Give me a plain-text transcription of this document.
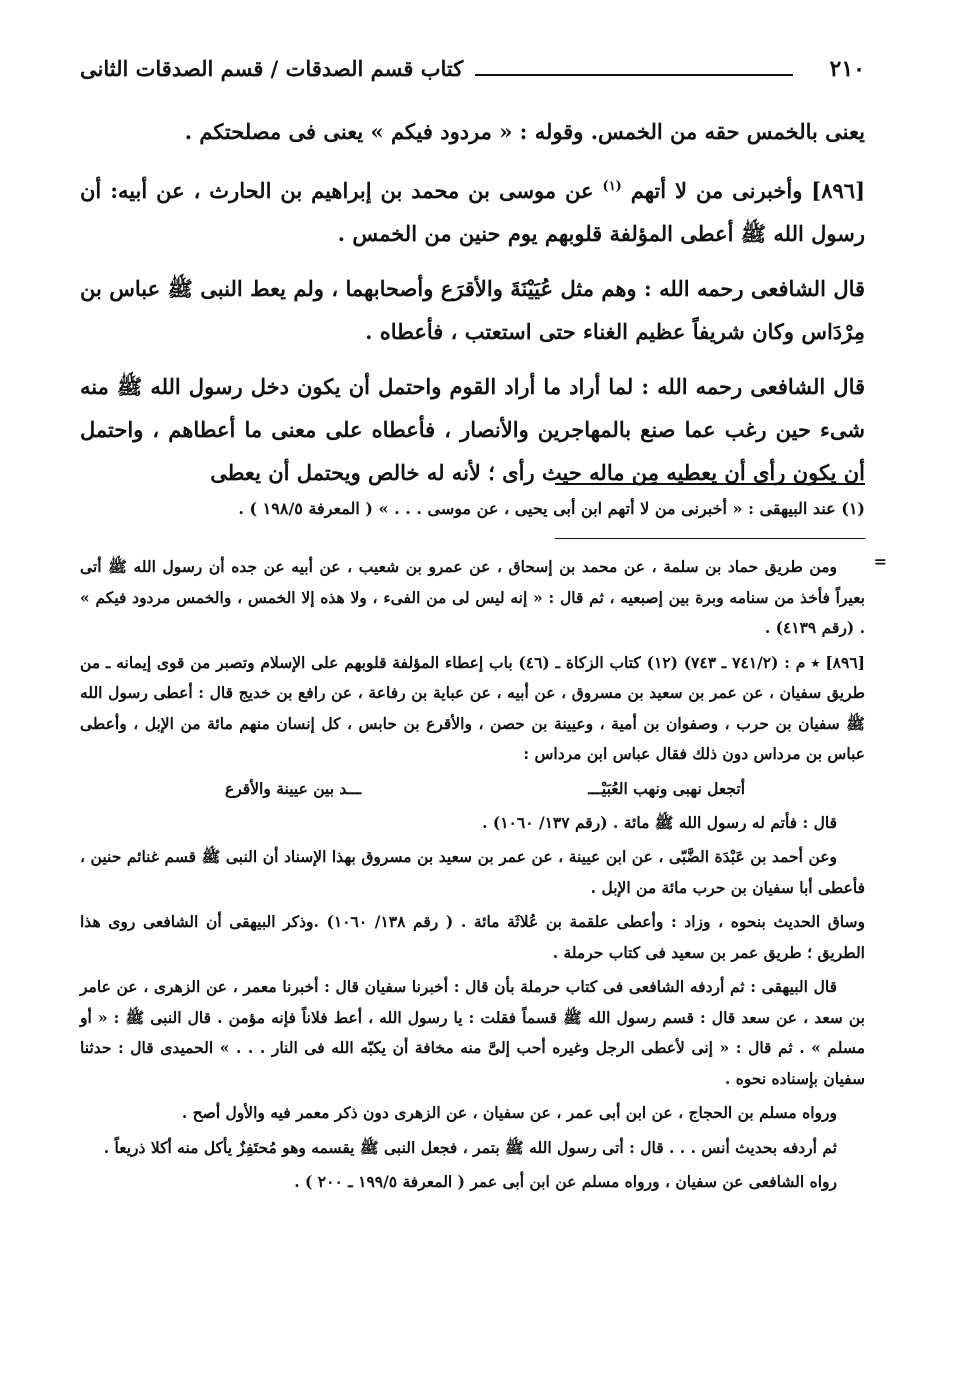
٢١٠
كتاب قسم الصدقات / قسم الصدقات الثانى

يعنى بالخمس حقه من الخمس. وقوله : « مردود فيكم » يعنى فى مصلحتكم .

[٨٩٦] وأخبرنى من لا أتهم $^{(١)}$ عن موسى بن محمد بن إبراهيم بن الحارث ، عن أبيه: أن رسول الله ﷺ أعطى المؤلفة قلوبهم يوم حنين من الخمس .

قال الشافعى رحمه الله : وهم مثل عُيَيْنَةَ والأقرَع وأصحابهما ، ولم يعط النبى ﷺ عباس بن مِرْدَاس وكان شريفاً عظيم الغناء حتى استعتب ، فأعطاه .

قال الشافعى رحمه الله : لما أراد ما أراد القوم واحتمل أن يكون دخل رسول الله ﷺ منه شىء حين رغب عما صنع بالمهاجرين والأنصار ، فأعطاه على معنى ما أعطاهم ، واحتمل أن يكون رأى أن يعطيه مِن ماله حيث رأى ؛ لأنه له خالص ويحتمل أن يعطى

(١) عند البيهقى : « أخبرنى من لا أتهم ابن أبى يحيى ، عن موسى . . . » ( المعرفة ١٩٨/٥ ) .
=

ومن طريق حماد بن سلمة ، عن محمد بن إسحاق ، عن عمرو بن شعيب ، عن أبيه عن جده أن رسول الله ﷺ أتى بعيراً فأخذ من سنامه وبرة بين إصبعيه ، ثم قال : « إنه ليس لى من الفىء ، ولا هذه إلا الخمس ، والخمس مردود فيكم » . (رقم ٤١٣٩) .

[٨٩٦] ٭ م : (٧٤١/٢ ـ ٧٤٣) (١٢) كتاب الزكاة ـ (٤٦) باب إعطاء المؤلفة قلوبهم على الإسلام وتصبر من قوى إيمانه ـ من طريق سفيان ، عن عمر بن سعيد بن مسروق ، عن أبيه ، عن عباية بن رفاعة ، عن رافع بن خديج قال : أعطى رسول الله ﷺ سفيان بن حرب ، وصفوان بن أمية ، وعيينة بن حصن ، والأقرع بن حابس ، كل إنسان منهم مائة من الإبل ، وأعطى عباس بن مرداس دون ذلك فقال عباس ابن مرداس :

أتجعل نهبى ونهب العُبَيْـــ
ـــد بين عيينة والأقرع

قال : فأتم له رسول الله ﷺ مائة . (رقم ١٣٧/ ١٠٦٠) .

وعن أحمد بن عَبْدَة الضَّبّى ، عن ابن عيينة ، عن عمر بن سعيد بن مسروق بهذا الإسناد أن النبى ﷺ قسم غنائم حنين ، فأعطى أبا سفيان بن حرب مائة من الإبل .

وساق الحديث بنحوه ، وزاد : وأعطى علقمة بن عُلاثَة مائة . ( رقم ١٣٨/ ١٠٦٠) .وذكر البيهقى أن الشافعى روى هذا الطريق ؛ طريق عمر بن سعيد فى كتاب حرملة .

قال البيهقى : ثم أردفه الشافعى فى كتاب حرملة بأن قال : أخبرنا سفيان قال : أخبرنا معمر ، عن الزهرى ، عن عامر بن سعد ، عن سعد قال : قسم رسول الله ﷺ قسماً فقلت : يا رسول الله ، أعط فلاناً فإنه مؤمن . قال النبى ﷺ : « أو مسلم » . ثم قال : « إنى لأعطى الرجل وغيره أحب إلىَّ منه مخافة أن يكبّه الله فى النار . . . » الحميدى قال : حدثنا سفيان بإسناده نحوه .

ورواه مسلم بن الحجاج ، عن ابن أبى عمر ، عن سفيان ، عن الزهرى دون ذكر معمر فيه والأول أصح .

ثم أردفه بحديث أنس . . . قال : أتى رسول الله ﷺ بتمر ، فجعل النبى ﷺ يقسمه وهو مُحتَفِزٌ يأكل منه أكلا ذريعاً .

رواه الشافعى عن سفيان ، ورواه مسلم عن ابن أبى عمر ( المعرفة ١٩٩/٥ ـ ٢٠٠ ) .
